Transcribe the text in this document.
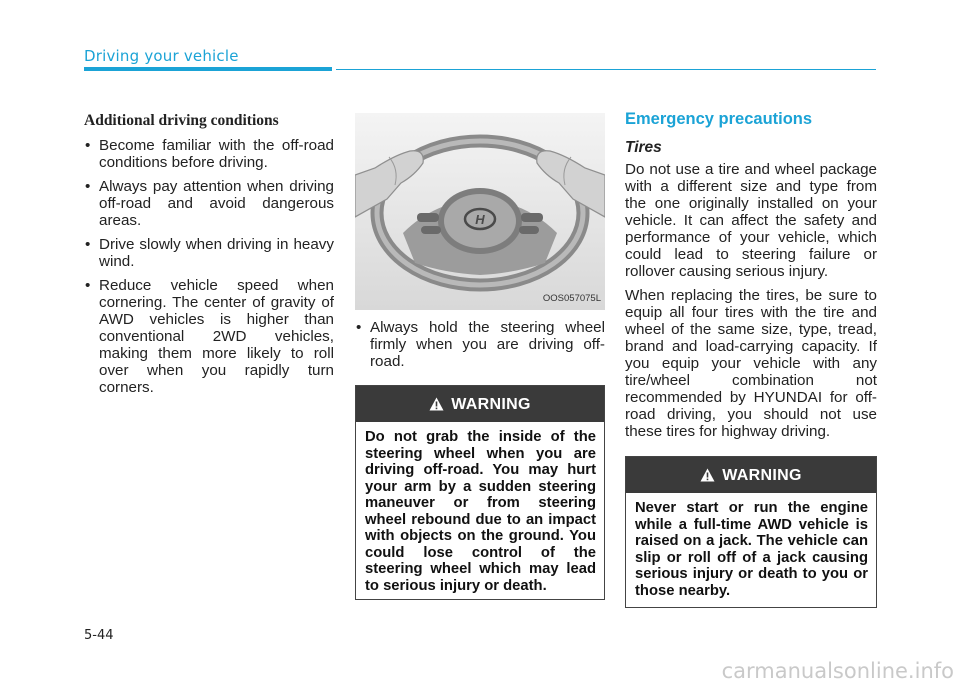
Driving your vehicle
Additional driving conditions
• Become familiar with the off-road conditions before driving.
• Always pay attention when driving off-road and avoid dangerous areas.
• Drive slowly when driving in heavy wind.
• Reduce vehicle speed when cornering. The center of gravity of AWD vehicles is higher than conventional 2WD vehicles, making them more likely to roll over when you rapidly turn corners.
H
OOS057075L
• Always hold the steering wheel firmly when you are driving off-road.
WARNING
Do not grab the inside of the steering wheel when you are driving off-road. You may hurt your arm by a sudden steering maneuver or from steering wheel rebound due to an impact with objects on the ground. You could lose control of the steering wheel which may lead to serious injury or death.
Emergency precautions
Tires

Do not use a tire and wheel package with a different size and type from the one originally installed on your vehicle. It can affect the safety and performance of your vehicle, which could lead to steering failure or rollover causing serious injury.

When replacing the tires, be sure to equip all four tires with the tire and wheel of the same size, type, tread, brand and load-carrying capacity. If you equip your vehicle with any tire/wheel combination not recommended by HYUNDAI for off-road driving, you should not use these tires for highway driving.

WARNING
Never start or run the engine while a full-time AWD vehicle is raised on a jack. The vehicle can slip or roll off of a jack causing serious injury or death to you or those nearby.
5-44
carmanualsonline.info
